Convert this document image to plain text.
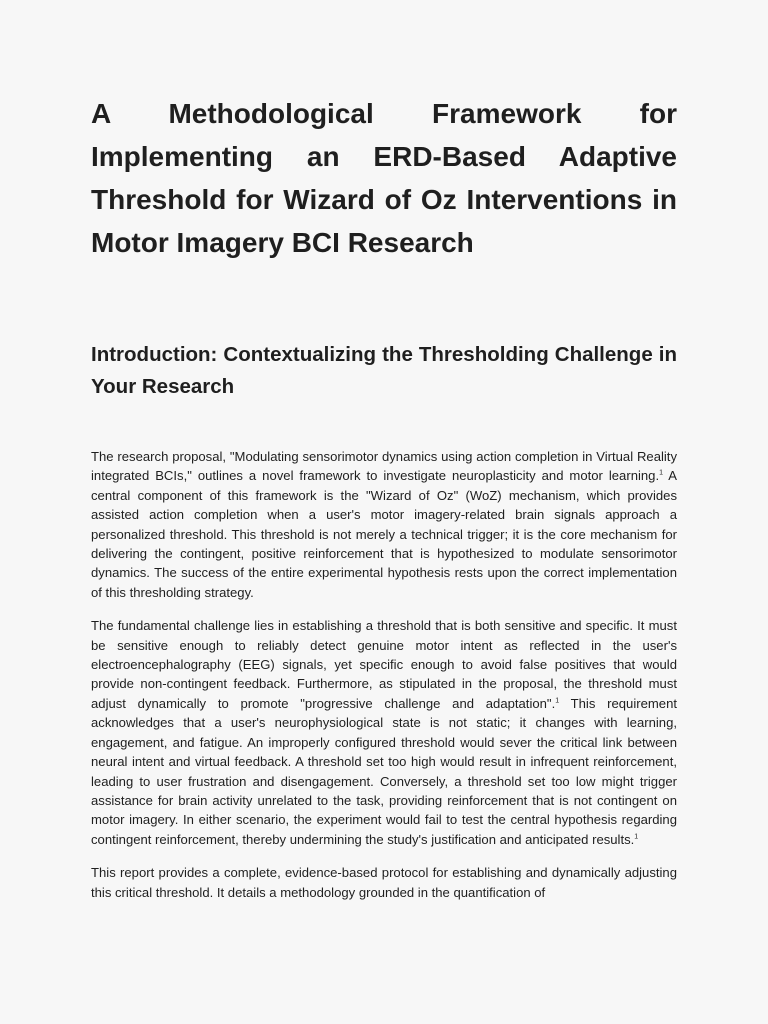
A Methodological Framework for Implementing an ERD-Based Adaptive Threshold for Wizard of Oz Interventions in Motor Imagery BCI Research
Introduction: Contextualizing the Thresholding Challenge in Your Research

The research proposal, "Modulating sensorimotor dynamics using action completion in Virtual Reality integrated BCIs," outlines a novel framework to investigate neuroplasticity and motor learning.$^1$ A central component of this framework is the "Wizard of Oz" (WoZ) mechanism, which provides assisted action completion when a user's motor imagery-related brain signals approach a personalized threshold. This threshold is not merely a technical trigger; it is the core mechanism for delivering the contingent, positive reinforcement that is hypothesized to modulate sensorimotor dynamics. The success of the entire experimental hypothesis rests upon the correct implementation of this thresholding strategy.

The fundamental challenge lies in establishing a threshold that is both sensitive and specific. It must be sensitive enough to reliably detect genuine motor intent as reflected in the user's electroencephalography (EEG) signals, yet specific enough to avoid false positives that would provide non-contingent feedback. Furthermore, as stipulated in the proposal, the threshold must adjust dynamically to promote "progressive challenge and adaptation".$^1$ This requirement acknowledges that a user's neurophysiological state is not static; it changes with learning, engagement, and fatigue. An improperly configured threshold would sever the critical link between neural intent and virtual feedback. A threshold set too high would result in infrequent reinforcement, leading to user frustration and disengagement. Conversely, a threshold set too low might trigger assistance for brain activity unrelated to the task, providing reinforcement that is not contingent on motor imagery. In either scenario, the experiment would fail to test the central hypothesis regarding contingent reinforcement, thereby undermining the study's justification and anticipated results.$^1$

This report provides a complete, evidence-based protocol for establishing and dynamically adjusting this critical threshold. It details a methodology grounded in the quantification of
